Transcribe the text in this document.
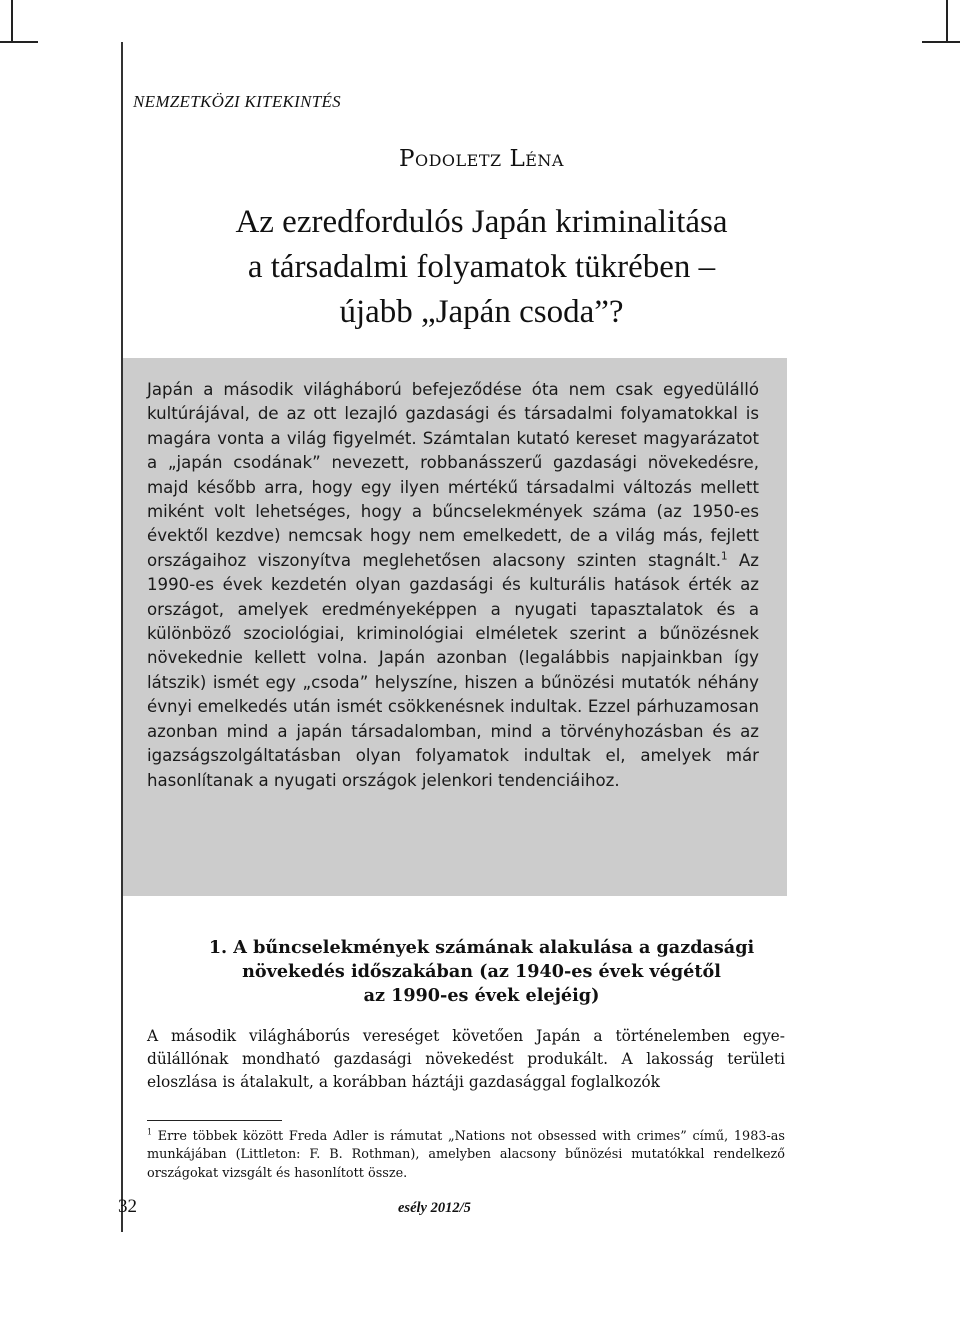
NEMZETKÖZI KITEKINTÉS
Podoletz Léna
Az ezredfordulós Japán kriminalitása
a társadalmi folyamatok tükrében –
újabb „Japán csoda”?
Japán a második világháború befejeződése óta nem csak egyedülálló kultúrájával, de az ott lezajló gazdasági és társadalmi folyamatokkal is magára vonta a világ figyelmét. Számtalan kutató kereset magyarázatot a „japán csodának” nevezett, robbanásszerű gazdasági növekedésre, majd később arra, hogy egy ilyen mértékű társadalmi változás mellett miként volt lehetséges, hogy a bűncselekmények száma (az 1950-es évektől kezdve) nemcsak hogy nem emelkedett, de a világ más, fejlett országaihoz viszonyítva meglehetősen alacsony szinten stagnált.$^1$ Az 1990-es évek kezdetén olyan gazdasági és kulturális hatások érték az országot, amelyek eredményeképpen a nyugati tapasztalatok és a különböző szociológiai, kriminológiai elméletek szerint a bűnözésnek növekednie kellett volna. Japán azonban (legalábbis napjainkban így látszik) ismét egy „csoda” helyszíne, hiszen a bűnözési mutatók néhány évnyi emelkedés után ismét csökkenésnek indultak. Ezzel párhuzamosan azonban mind a japán társadalomban, mind a törvényhozásban és az igazságszolgáltatásban olyan folyamatok indultak el, amelyek már hasonlítanak a nyugati országok jelenkori tendenciáihoz.
1. A bűncselekmények számának alakulása a gazdasági
növekedés időszakában (az 1940-es évek végétől
az 1990-es évek elejéig)
A második világháborús vereséget követően Japán a történelemben egyedülállónak mondható gazdasági növekedést produkált. A lakosság területi eloszlása is átalakult, a korábban háztáji gazdasággal foglalkozók
$^1$ Erre többek között Freda Adler is rámutat „Nations not obsessed with crimes” című, 1983-as munkájában (Littleton: F. B. Rothman), amelyben alacsony bűnözési mutatókkal rendelkező országokat vizsgált és hasonlított össze.
32	esély 2012/5
